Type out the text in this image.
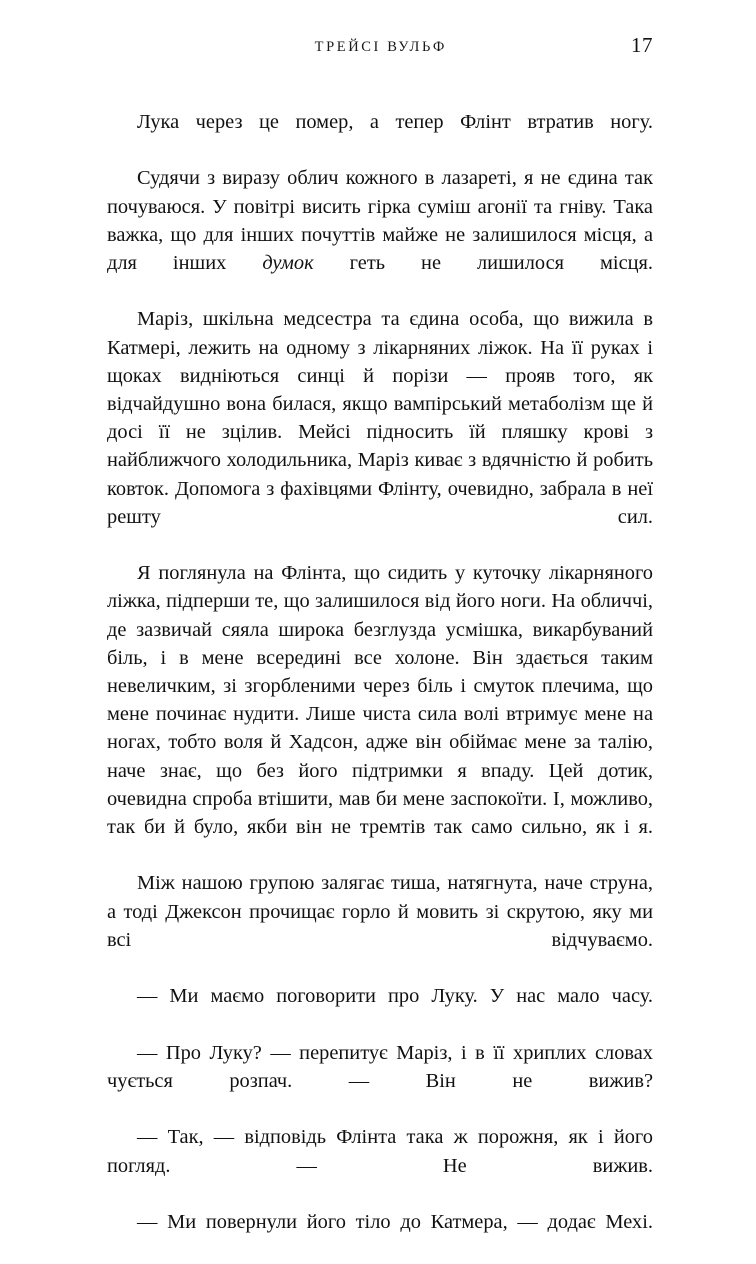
ТРЕЙСІ ВУЛЬФ	17

Лука через це помер, а тепер Флінт втратив ногу.

Судячи з виразу облич кожного в лазареті, я не єдина так почуваюся. У повітрі висить гірка суміш агонії та гніву. Така важка, що для інших почуттів майже не залишилося місця, а для інших думок геть не лишилося місця.

Маріз, шкільна медсестра та єдина особа, що вижила в Катмері, лежить на одному з лікарняних ліжок. На її руках і щоках видніються синці й порізи — прояв того, як відчайдушно вона билася, якщо вампірський метаболізм ще й досі її не зцілив. Мейсі підносить їй пляшку крові з найближчого холодильника, Маріз киває з вдячністю й робить ковток. Допомога з фахівцями Флінту, очевидно, забрала в неї решту сил.

Я поглянула на Флінта, що сидить у куточку лікарняного ліжка, підперши те, що залишилося від його ноги. На обличчі, де зазвичай сяяла широка безглузда усмішка, викарбуваний біль, і в мене всередині все холоне. Він здається таким невеличким, зі згорбленими через біль і смуток плечима, що мене починає нудити. Лише чиста сила волі втримує мене на ногах, тобто воля й Хадсон, адже він обіймає мене за талію, наче знає, що без його підтримки я впаду. Цей дотик, очевидна спроба втішити, мав би мене заспокоїти. І, можливо, так би й було, якби він не тремтів так само сильно, як і я.

Між нашою групою залягає тиша, натягнута, наче струна, а тоді Джексон прочищає горло й мовить зі скрутою, яку ми всі відчуваємо.

— Ми маємо поговорити про Луку. У нас мало часу.

— Про Луку? — перепитує Маріз, і в її хриплих словах чується розпач. — Він не вижив?

— Так, — відповідь Флінта така ж порожня, як і його погляд. — Не вижив.

— Ми повернули його тіло до Катмера, — додає Мехі.
